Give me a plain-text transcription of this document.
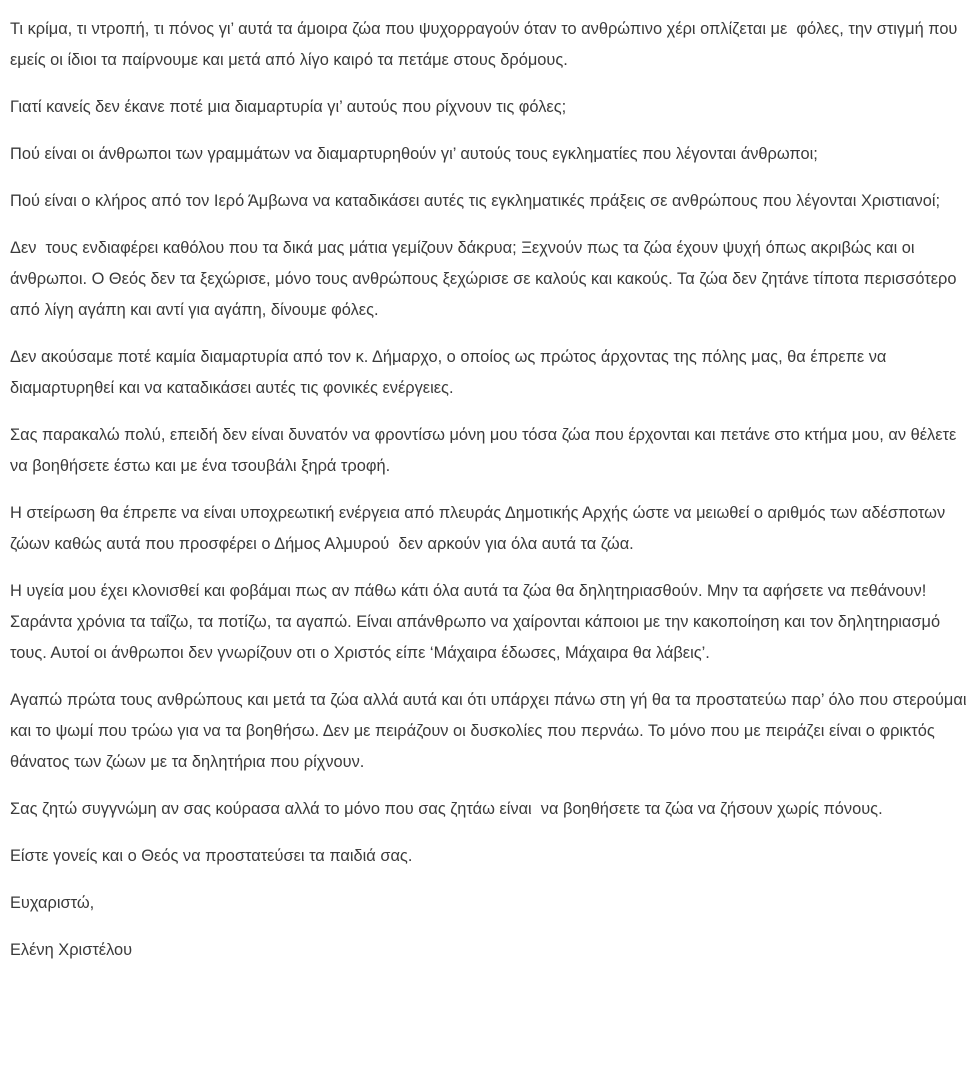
Τι κρίμα, τι ντροπή, τι πόνος γι’ αυτά τα άμοιρα ζώα που ψυχορραγούν όταν το ανθρώπινο χέρι οπλίζεται με  φόλες, την στιγμή που  εμείς οι ίδιοι τα παίρνουμε και μετά από λίγο καιρό τα πετάμε στους δρόμους.

Γιατί κανείς δεν έκανε ποτέ μια διαμαρτυρία γι’ αυτούς που ρίχνουν τις φόλες;

Πού είναι οι άνθρωποι των γραμμάτων να διαμαρτυρηθούν γι’ αυτούς τους εγκληματίες που λέγονται άνθρωποι;

Πού είναι ο κλήρος από τον Ιερό Άμβωνα να καταδικάσει αυτές τις εγκληματικές πράξεις σε ανθρώπους που λέγονται Χριστιανοί;

Δεν  τους ενδιαφέρει καθόλου που τα δικά μας μάτια γεμίζουν δάκρυα; Ξεχνούν πως τα ζώα έχουν ψυχή όπως ακριβώς και οι άνθρωποι. Ο Θεός δεν τα ξεχώρισε, μόνο τους ανθρώπους ξεχώρισε σε καλούς και κακούς. Τα ζώα δεν ζητάνε τίποτα περισσότερο από λίγη αγάπη και αντί για αγάπη, δίνουμε φόλες.

Δεν ακούσαμε ποτέ καμία διαμαρτυρία από τον κ. Δήμαρχο, ο οποίος ως πρώτος άρχοντας της πόλης μας, θα έπρεπε να διαμαρτυρηθεί και να καταδικάσει αυτές τις φονικές ενέργειες.

Σας παρακαλώ πολύ, επειδή δεν είναι δυνατόν να φροντίσω μόνη μου τόσα ζώα που έρχονται και πετάνε στο κτήμα μου, αν θέλετε να βοηθήσετε έστω και με ένα τσουβάλι ξηρά τροφή.

Η στείρωση θα έπρεπε να είναι υποχρεωτική ενέργεια από πλευράς Δημοτικής Αρχής ώστε να μειωθεί ο αριθμός των αδέσποτων ζώων καθώς αυτά που προσφέρει ο Δήμος Αλμυρού  δεν αρκούν για όλα αυτά τα ζώα.

Η υγεία μου έχει κλονισθεί και φοβάμαι πως αν πάθω κάτι όλα αυτά τα ζώα θα δηλητηριασθούν. Μην τα αφήσετε να πεθάνουν! Σαράντα χρόνια τα ταΐζω, τα ποτίζω, τα αγαπώ. Είναι απάνθρωπο να χαίρονται κάποιοι με την κακοποίηση και τον δηλητηριασμό τους. Αυτοί οι άνθρωποι δεν γνωρίζουν οτι ο Χριστός είπε ‘Μάχαιρα έδωσες, Μάχαιρα θα λάβεις’.

Αγαπώ πρώτα τους ανθρώπους και μετά τα ζώα αλλά αυτά και ότι υπάρχει πάνω στη γή θα τα προστατεύω παρ’ όλο που στερούμαι και το ψωμί που τρώω για να τα βοηθήσω. Δεν με πειράζουν οι δυσκολίες που περνάω. Το μόνο που με πειράζει είναι ο φρικτός θάνατος των ζώων με τα δηλητήρια που ρίχνουν.

Σας ζητώ συγγνώμη αν σας κούρασα αλλά το μόνο που σας ζητάω είναι  να βοηθήσετε τα ζώα να ζήσουν χωρίς πόνους.

Είστε γονείς και ο Θεός να προστατεύσει τα παιδιά σας.

Ευχαριστώ,

Ελένη Χριστέλου
